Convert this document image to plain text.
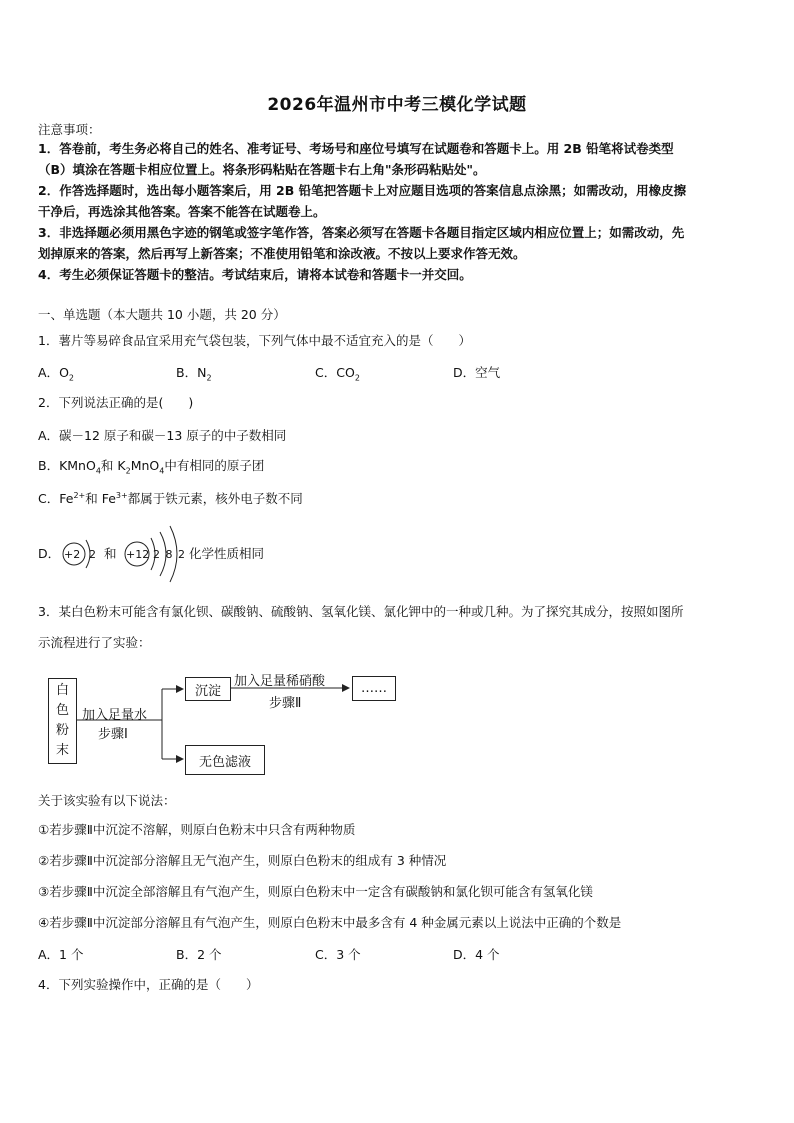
2026年温州市中考三模化学试题
注意事项：
1．答卷前，考生务必将自己的姓名、准考证号、考场号和座位号填写在试题卷和答题卡上。用 2B 铅笔将试卷类型
（B）填涂在答题卡相应位置上。将条形码粘贴在答题卡右上角"条形码粘贴处"。
2．作答选择题时，选出每小题答案后，用 2B 铅笔把答题卡上对应题目选项的答案信息点涂黑；如需改动，用橡皮擦
干净后，再选涂其他答案。答案不能答在试题卷上。
3．非选择题必须用黑色字迹的钢笔或签字笔作答，答案必须写在答题卡各题目指定区域内相应位置上；如需改动，先
划掉原来的答案，然后再写上新答案；不准使用铅笔和涂改液。不按以上要求作答无效。
4．考生必须保证答题卡的整洁。考试结束后，请将本试卷和答题卡一并交回。
一、单选题（本大题共 10 小题，共 20 分）
1．薯片等易碎食品宜采用充气袋包装，下列气体中最不适宜充入的是（　　）
A．$O_2$	B．$N_2$	C．$CO_2$	D．空气
2．下列说法正确的是(　　)
A．碳－12 原子和碳－13 原子的中子数相同
B．KMnO$_4$和 $K_2MnO_4$中有相同的原子团
C．$Fe^{2+}$和 $Fe^{3+}$都属于铁元素，核外电子数不同
D． +2 2 和 +12 2 8 2 化学性质相同
3．某白色粉末可能含有氯化钡、碳酸钠、硫酸钠、氢氧化镁、氯化钾中的一种或几种。为了探究其成分，按照如图所
示流程进行了实验：
白
色
粉
末
加入足量水
步骤Ⅰ
沉淀
加入足量稀硝酸
步骤Ⅱ
……
无色滤液
关于该实验有以下说法：
①若步骤Ⅱ中沉淀不溶解，则原白色粉末中只含有两种物质
②若步骤Ⅱ中沉淀部分溶解且无气泡产生，则原白色粉末的组成有 3 种情况
③若步骤Ⅱ中沉淀全部溶解且有气泡产生，则原白色粉末中一定含有碳酸钠和氯化钡可能含有氢氧化镁
④若步骤Ⅱ中沉淀部分溶解且有气泡产生，则原白色粉末中最多含有 4 种金属元素以上说法中正确的个数是
A．1 个	B．2 个	C．3 个	D．4 个
4．下列实验操作中，正确的是（　　）
